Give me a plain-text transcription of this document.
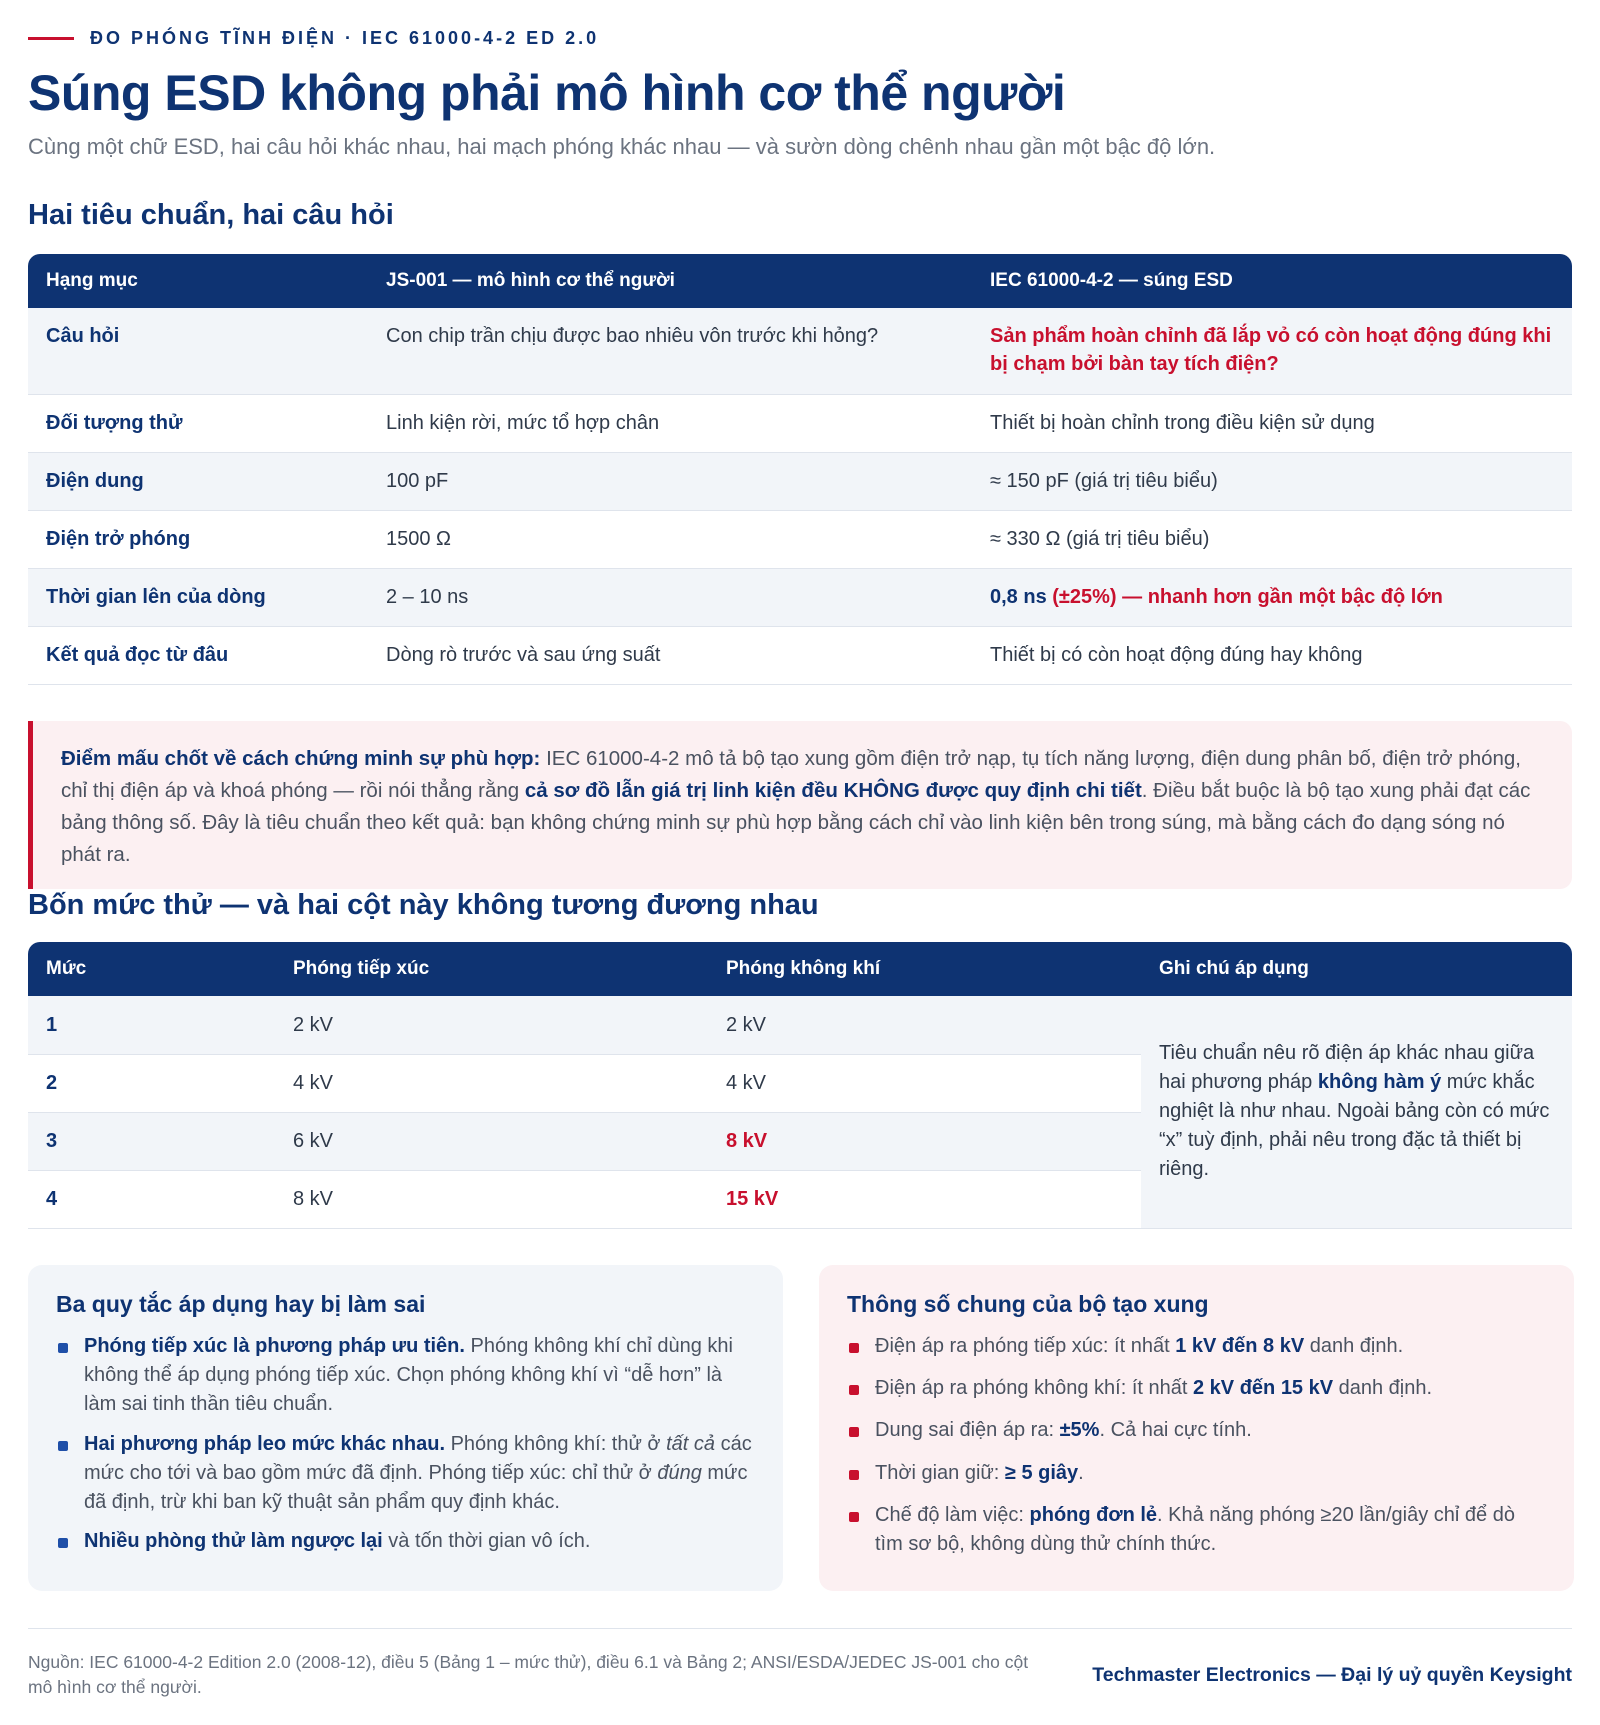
ĐO PHÓNG TĨNH ĐIỆN · IEC 61000-4-2 ED 2.0
Súng ESD không phải mô hình cơ thể người

Cùng một chữ ESD, hai câu hỏi khác nhau, hai mạch phóng khác nhau — và sườn dòng chênh nhau gần một bậc độ lớn.

Hai tiêu chuẩn, hai câu hỏi
Hạng mục	JS-001 — mô hình cơ thể người	IEC 61000-4-2 — súng ESD
Câu hỏi	Con chip trần chịu được bao nhiêu vôn trước khi hỏng?	Sản phẩm hoàn chỉnh đã lắp vỏ có còn hoạt động đúng khi bị chạm bởi bàn tay tích điện?
Đối tượng thử	Linh kiện rời, mức tổ hợp chân	Thiết bị hoàn chỉnh trong điều kiện sử dụng
Điện dung	100 pF	≈ 150 pF (giá trị tiêu biểu)
Điện trở phóng	1500 Ω	≈ 330 Ω (giá trị tiêu biểu)
Thời gian lên của dòng	2 – 10 ns	0,8 ns (±25%) — nhanh hơn gần một bậc độ lớn
Kết quả đọc từ đâu	Dòng rò trước và sau ứng suất	Thiết bị có còn hoạt động đúng hay không
Điểm mấu chốt về cách chứng minh sự phù hợp: IEC 61000-4-2 mô tả bộ tạo xung gồm điện trở nạp, tụ tích năng lượng, điện dung phân bố, điện trở phóng, chỉ thị điện áp và khoá phóng — rồi nói thẳng rằng cả sơ đồ lẫn giá trị linh kiện đều KHÔNG được quy định chi tiết. Điều bắt buộc là bộ tạo xung phải đạt các bảng thông số. Đây là tiêu chuẩn theo kết quả: bạn không chứng minh sự phù hợp bằng cách chỉ vào linh kiện bên trong súng, mà bằng cách đo dạng sóng nó phát ra.
Bốn mức thử — và hai cột này không tương đương nhau
Mức	Phóng tiếp xúc	Phóng không khí	Ghi chú áp dụng
1	2 kV	2 kV	Tiêu chuẩn nêu rõ điện áp khác nhau giữa hai phương pháp không hàm ý mức khắc nghiệt là như nhau. Ngoài bảng còn có mức “x” tuỳ định, phải nêu trong đặc tả thiết bị riêng.
2	4 kV	4 kV	
3	6 kV	8 kV	
4	8 kV	15 kV	
Ba quy tắc áp dụng hay bị làm sai
Phóng tiếp xúc là phương pháp ưu tiên. Phóng không khí chỉ dùng khi không thể áp dụng phóng tiếp xúc. Chọn phóng không khí vì “dễ hơn” là làm sai tinh thần tiêu chuẩn.
Hai phương pháp leo mức khác nhau. Phóng không khí: thử ở tất cả các mức cho tới và bao gồm mức đã định. Phóng tiếp xúc: chỉ thử ở đúng mức đã định, trừ khi ban kỹ thuật sản phẩm quy định khác.
Nhiều phòng thử làm ngược lại và tốn thời gian vô ích.
Thông số chung của bộ tạo xung
Điện áp ra phóng tiếp xúc: ít nhất 1 kV đến 8 kV danh định.
Điện áp ra phóng không khí: ít nhất 2 kV đến 15 kV danh định.
Dung sai điện áp ra: ±5%. Cả hai cực tính.
Thời gian giữ: ≥ 5 giây.
Chế độ làm việc: phóng đơn lẻ. Khả năng phóng ≥20 lần/giây chỉ để dò tìm sơ bộ, không dùng thử chính thức.

Nguồn: IEC 61000-4-2 Edition 2.0 (2008-12), điều 5 (Bảng 1 – mức thử), điều 6.1 và Bảng 2; ANSI/ESDA/JEDEC JS-001 cho cột mô hình cơ thể người.

Techmaster Electronics — Đại lý uỷ quyền Keysight
